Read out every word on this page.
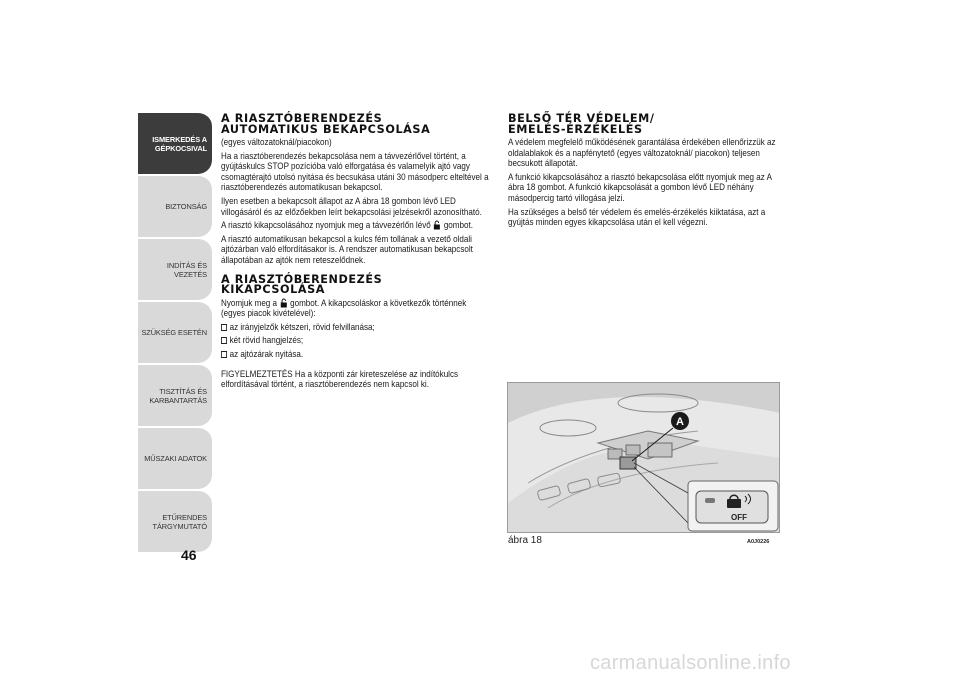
ISMERKEDÉS A GÉPKOCSIVAL
BIZTONSÁG
INDÍTÁS ÉS VEZETÉS
SZÜKSÉG ESETÉN
TISZTÍTÁS ÉS KARBANTARTÁS
MŰSZAKI ADATOK
ETŰRENDES TÁRGYMUTATÓ
46
A RIASZTÓBERENDEZÉS
AUTOMATIKUS BEKAPCSOLÁSA

(egyes változatoknál/piacokon)

Ha a riasztóberendezés bekapcsolása nem a távvezérlővel történt, a gyújtáskulcs STOP pozícióba való elforgatása és valamelyik ajtó vagy csomagtérajtó utolsó nyitása és becsukása utáni 30 másodperc elteltével a riasztóberendezés automatikusan bekapcsol.

Ilyen esetben a bekapcsolt állapot az A ábra 18 gombon lévő LED villogásáról és az előzőekben leírt bekapcsolási jelzésekről azonosítható.

A riasztó kikapcsolásához nyomjuk meg a távvezérlőn lévő gombot.

A riasztó automatikusan bekapcsol a kulcs fém tollának a vezető oldali ajtózárban való elfordításakor is. A rendszer automatikusan bekapcsolt állapotában az ajtók nem reteszelődnek.

A RIASZTÓBERENDEZÉS
KIKAPCSOLÁSA

Nyomjuk meg a gombot. A kikapcsoláskor a következők történnek (egyes piacok kivételével):

az irányjelzők kétszeri, rövid felvillanása;

két rövid hangjelzés;

az ajtózárak nyitása.

FIGYELMEZTETÉS Ha a központi zár kireteszelése az indítókulcs elfordításával történt, a riasztóberendezés nem kapcsol ki.

BELSŐ TÉR VÉDELEM/
EMELÉS-ÉRZÉKELÉS

A védelem megfelelő működésének garantálása érdekében ellenőrizzük az oldalablakok és a napfénytető (egyes változatoknál/ piacokon) teljesen becsukott állapotát.

A funkció kikapcsolásához a riasztó bekapcsolása előtt nyomjuk meg az A ábra 18 gombot. A funkció kikapcsolását a gombon lévő LED néhány másodpercig tartó villogása jelzi.

Ha szükséges a belső tér védelem és emelés-érzékelés kiiktatása, azt a gyújtás minden egyes kikapcsolása után el kell végezni.

A
OFF
ábra 18	A0J0226
carmanualsonline.info
